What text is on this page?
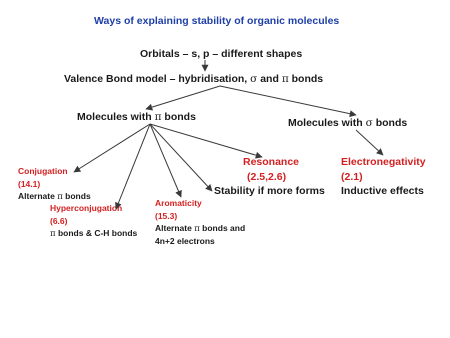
Ways of explaining stability of organic molecules
Orbitals – s, p – different shapes
Valence Bond model – hybridisation, σ and π bonds
Molecules with π bonds	Molecules with σ bonds
Conjugation
(14.1)
Alternate π bonds
Hyperconjugation
(6.6)
π bonds & C-H bonds
Aromaticity
(15.3)
Alternate π bonds and
4n+2 electrons
Resonance
(2.5,2.6)
Stability if more forms
Electronegativity
(2.1)
Inductive effects
